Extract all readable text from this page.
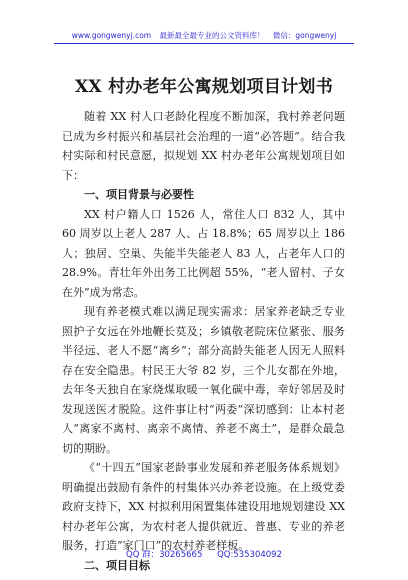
www.gongwenyj.com 最新最全最专业的公文资料库！ 微信：gongwenyj
XX 村办老年公寓规划项目计划书

随着 XX 村人口老龄化程度不断加深，我村养老问题已成为乡村振兴和基层社会治理的一道“必答题”。结合我村实际和村民意愿，拟规划 XX 村办老年公寓规划项目如下：

一、项目背景与必要性

XX 村户籍人口 1526 人，常住人口 832 人，其中 60 周岁以上老人 287 人、占 18.8%；65 周岁以上 186 人；独居、空巢、失能半失能老人 83 人，占老年人口的 28.9%。青壮年外出务工比例超 55%，“老人留村、子女在外”成为常态。

现有养老模式难以满足现实需求：居家养老缺乏专业照护子女远在外地鞭长莫及；乡镇敬老院床位紧张、服务半径远、老人不愿“离乡”；部分高龄失能老人因无人照料存在安全隐患。村民王大爷 82 岁，三个儿女都在外地，去年冬天独自在家烧煤取暖一氧化碳中毒，幸好邻居及时发现送医才脱险。这件事让村“两委”深切感到：让本村老人“离家不离村、离亲不离情、养老不离土”，是群众最急切的期盼。

《“十四五”国家老龄事业发展和养老服务体系规划》明确提出鼓励有条件的村集体兴办养老设施。在上级党委政府支持下，XX 村拟利用闲置集体建设用地规划建设 XX 村办老年公寓，为农村老人提供就近、普惠、专业的养老服务，打造“家门口”的农村养老样板。

二、项目目标

QQ 群：30265665 QQ:535304092
